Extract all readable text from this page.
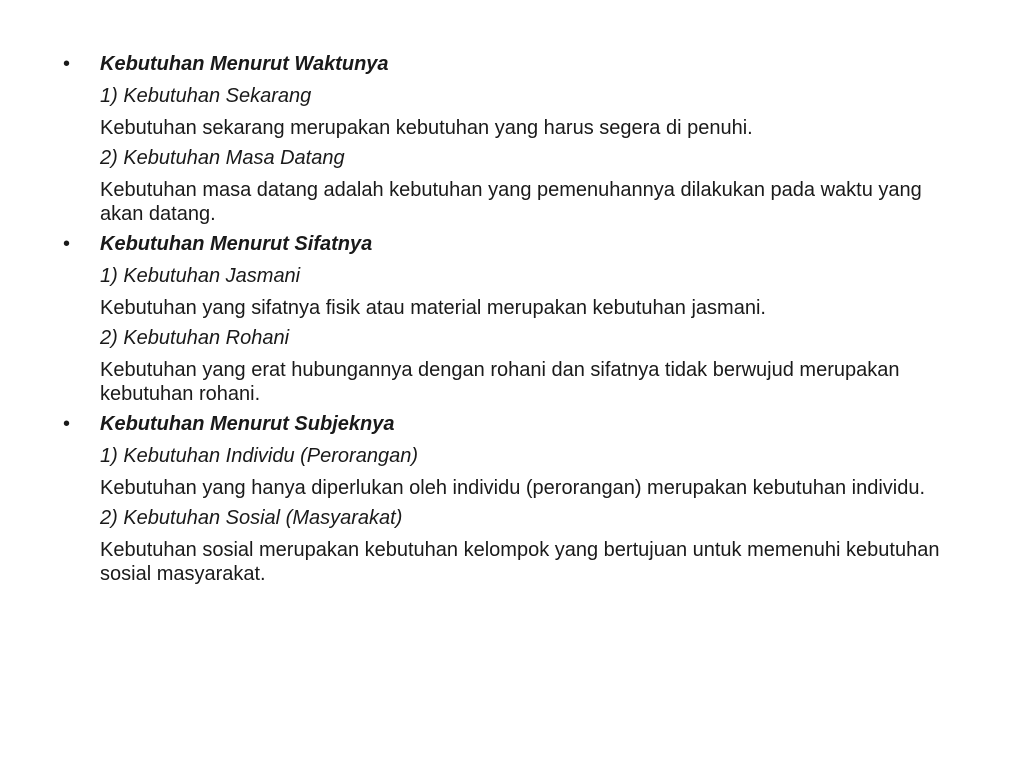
• Kebutuhan Menurut Waktunya
1) Kebutuhan Sekarang
Kebutuhan sekarang merupakan kebutuhan yang harus segera di penuhi.
2) Kebutuhan Masa Datang
Kebutuhan masa datang adalah kebutuhan yang pemenuhannya dilakukan pada waktu yang akan datang.
• Kebutuhan Menurut Sifatnya
1) Kebutuhan Jasmani
Kebutuhan yang sifatnya fisik atau material merupakan kebutuhan jasmani.
2) Kebutuhan Rohani
Kebutuhan yang erat hubungannya dengan rohani dan sifatnya tidak berwujud merupakan kebutuhan rohani.
• Kebutuhan Menurut Subjeknya
1) Kebutuhan Individu (Perorangan)
Kebutuhan yang hanya diperlukan oleh individu (perorangan) merupakan kebutuhan individu.
2) Kebutuhan Sosial (Masyarakat)
Kebutuhan sosial merupakan kebutuhan kelompok yang bertujuan untuk memenuhi kebutuhan sosial masyarakat.
